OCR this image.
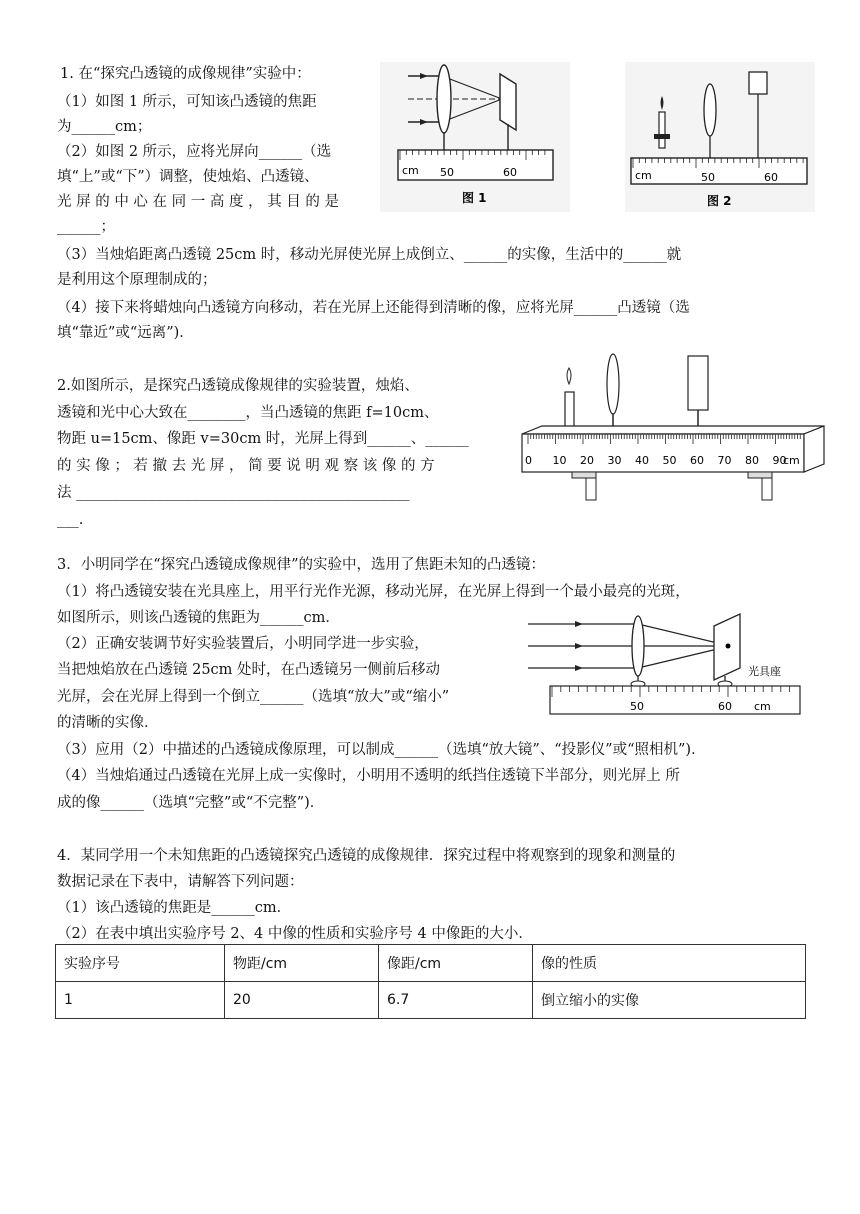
1. 在“探究凸透镜的成像规律”实验中：
（1）如图 1 所示，可知该凸透镜的焦距
为______cm；
（2）如图 2 所示，应将光屏向______（选
填“上”或“下”）调整，使烛焰、凸透镜、
光 屏 的 中 心 在 同 一 高 度 ， 其 目 的 是
______；
（3）当烛焰距离凸透镜 25cm 时，移动光屏使光屏上成倒立、______的实像，生活中的______就
是利用这个原理制成的；
（4）接下来将蜡烛向凸透镜方向移动，若在光屏上还能得到清晰的像，应将光屏______凸透镜（选
填“靠近”或“远离”)．
cm 50	60
图 1
cm	50	60
图 2
2.如图所示，是探究凸透镜成像规律的实验装置，烛焰、
透镜和光中心大致在________，当凸透镜的焦距 f=10cm、
物距 u=15cm、像距 v=30cm 时，光屏上得到______、______
的 实 像 ； 若 撤 去 光 屏 ， 简 要 说 明 观 察 该 像 的 方
法 ______________________________________________
___.
0 10 20 30 40 50 60 70 80 90
cm
3．小明同学在“探究凸透镜成像规律”的实验中，选用了焦距未知的凸透镜：
（1）将凸透镜安装在光具座上，用平行光作光源，移动光屏，在光屏上得到一个最小最亮的光斑，
如图所示，则该凸透镜的焦距为______cm．
（2）正确安装调节好实验装置后，小明同学进一步实验，
当把烛焰放在凸透镜 25cm 处时，在凸透镜另一侧前后移动
光屏，会在光屏上得到一个倒立______（选填“放大”或“缩小”
的清晰的实像．
（3）应用（2）中描述的凸透镜成像原理，可以制成______（选填“放大镜”、“投影仪”或“照相机”)．
（4）当烛焰通过凸透镜在光屏上成一实像时，小明用不透明的纸挡住透镜下半部分，则光屏上 所
成的像______（选填“完整”或“不完整”)．
光具座
50	60 cm
4．某同学用一个未知焦距的凸透镜探究凸透镜的成像规律．探究过程中将观察到的现象和测量的
数据记录在下表中，请解答下列问题：
（1）该凸透镜的焦距是______cm．
（2）在表中填出实验序号 2、4 中像的性质和实验序号 4 中像距的大小．
实验序号	物距/cm	像距/cm	像的性质
1	20	6.7	倒立缩小的实像
